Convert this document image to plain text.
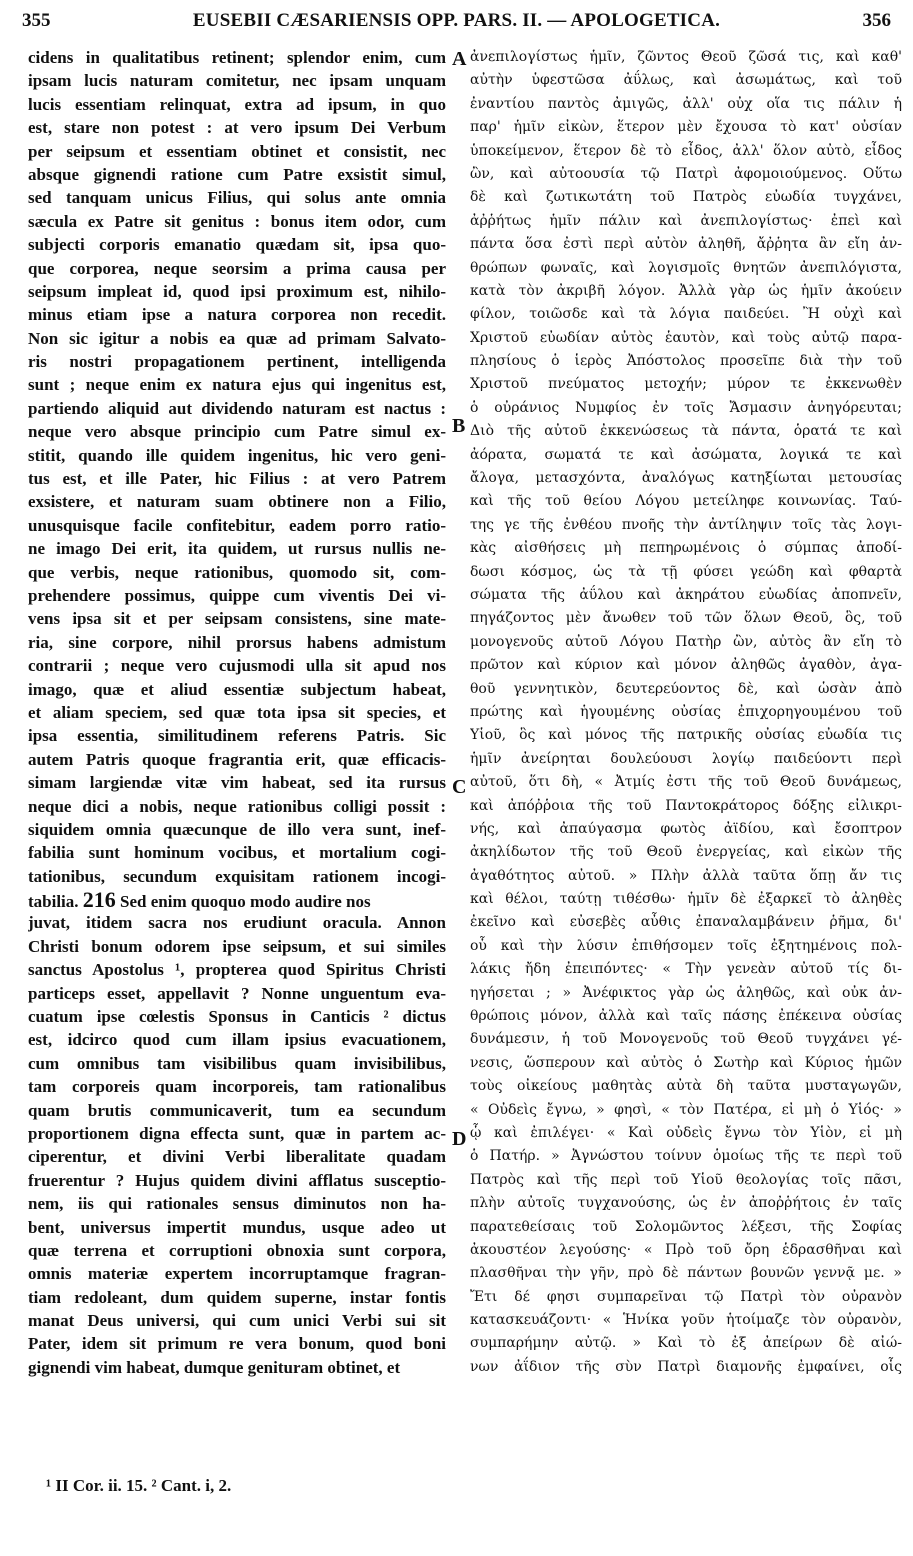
355	EUSEBII CÆSARIENSIS OPP. PARS. II. — APOLOGETICA.	356
cidens in qualitatibus retinent; splendor enim, cum
ipsam lucis naturam comitetur, nec ipsam unquam
lucis essentiam relinquat, extra ad ipsum, in quo
est, stare non potest : at vero ipsum Dei Verbum
per seipsum et essentiam obtinet et consistit, nec
absque gignendi ratione cum Patre exsistit simul,
sed tanquam unicus Filius, qui solus ante omnia
sæcula ex Patre sit genitus : bonus item odor, cum
subjecti corporis emanatio quædam sit, ipsa quo-
que corporea, neque seorsim a prima causa per
seipsum impleat id, quod ipsi proximum est, nihilo-
minus etiam ipse a natura corporea non recedit.
Non sic igitur a nobis ea quæ ad primam Salvato-
ris nostri propagationem pertinent, intelligenda
sunt ; neque enim ex natura ejus qui ingenitus est,
partiendo aliquid aut dividendo naturam est nactus :
neque vero absque principio cum Patre simul ex-
stitit, quando ille quidem ingenitus, hic vero geni-
tus est, et ille Pater, hic Filius : at vero Patrem
exsistere, et naturam suam obtinere non a Filio,
unusquisque facile confitebitur, eadem porro ratio-
ne imago Dei erit, ita quidem, ut rursus nullis ne-
que verbis, neque rationibus, quomodo sit, com-
prehendere possimus, quippe cum viventis Dei vi-
vens ipsa sit et per seipsam consistens, sine mate-
ria, sine corpore, nihil prorsus habens admistum
contrarii ; neque vero cujusmodi ulla sit apud nos
imago, quæ et aliud essentiæ subjectum habeat,
et aliam speciem, sed quæ tota ipsa sit species, et
ipsa essentia, similitudinem referens Patris. Sic
autem Patris quoque fragrantia erit, quæ efficacis-
simam largiendæ vitæ vim habeat, sed ita rursus
neque dici a nobis, neque rationibus colligi possit :
siquidem omnia quæcunque de illo vera sunt, inef-
fabilia sunt hominum vocibus, et mortalium cogi-
tationibus, secundum exquisitam rationem incogi-
tabilia. 216 Sed enim quoquo modo audire nos
juvat, itidem sacra nos erudiunt oracula. Annon
Christi bonum odorem ipse seipsum, et sui similes
sanctus Apostolus ¹, propterea quod Spiritus Christi
particeps esset, appellavit ? Nonne unguentum eva-
cuatum ipse cœlestis Sponsus in Canticis ² dictus
est, idcirco quod cum illam ipsius evacuationem,
cum omnibus tam visibilibus quam invisibilibus,
tam corporeis quam incorporeis, tam rationalibus
quam brutis communicaverit, tum ea secundum
proportionem digna effecta sunt, quæ in partem ac-
ciperentur, et divini Verbi liberalitate quadam
fruerentur ? Hujus quidem divini afflatus susceptio-
nem, iis qui rationales sensus diminutos non ha-
bent, universus impertit mundus, usque adeo ut
quæ terrena et corruptioni obnoxia sunt corpora,
omnis materiæ expertem incorruptamque fragran-
tiam redoleant, dum quidem superne, instar fontis
manat Deus universi, qui cum unici Verbi sui sit
Pater, idem sit primum re vera bonum, quod boni
gignendi vim habeat, dumque genituram obtinet, et
ἀνεπιλογίστως ἡμῖν, ζῶντος Θεοῦ ζῶσά τις, καὶ καθ'
αὐτὴν ὑφεστῶσα ἀΰλως, καὶ ἀσωμάτως, καὶ τοῦ
ἐναντίου παντὸς ἀμιγῶς, ἀλλ' οὐχ οἵα τις πάλιν ἡ
παρ' ἡμῖν εἰκὼν, ἕτερον μὲν ἔχουσα τὸ κατ' οὐσίαν
ὑποκείμενον, ἕτερον δὲ τὸ εἶδος, ἀλλ' ὅλον αὐτὸ, εἶδος
ὢν, καὶ αὐτοουσία τῷ Πατρὶ ἀφομοιούμενος. Οὕτω
δὲ καὶ ζωτικωτάτη τοῦ Πατρὸς εὐωδία τυγχάνει,
ἀῤῥήτως ἡμῖν πάλιν καὶ ἀνεπιλογίστως· ἐπεὶ καὶ
πάντα ὅσα ἐστὶ περὶ αὐτὸν ἀληθῆ, ἄῤῥητα ἂν εἴη ἀν-
θρώπων φωναῖς, καὶ λογισμοῖς θνητῶν ἀνεπιλόγιστα,
κατὰ τὸν ἀκριβῆ λόγον. Ἀλλὰ γὰρ ὡς ἡμῖν ἀκούειν
φίλον, τοιῶσδε καὶ τὰ λόγια παιδεύει. Ἢ οὐχὶ καὶ
Χριστοῦ εὐωδίαν αὐτὸς ἑαυτὸν, καὶ τοὺς αὐτῷ παρα-
πλησίους ὁ ἱερὸς Ἀπόστολος προσεῖπε διὰ τὴν τοῦ
Χριστοῦ πνεύματος μετοχήν; μύρον τε ἐκκενωθὲν
ὁ οὐράνιος Νυμφίος ἐν τοῖς Ἄσμασιν ἀνηγόρευται;
Διὸ τῆς αὐτοῦ ἐκκενώσεως τὰ πάντα, ὁρατά τε καὶ
ἀόρατα, σωματά τε καὶ ἀσώματα, λογικά τε καὶ
ἄλογα, μετασχόντα, ἀναλόγως κατηξίωται μετουσίας
καὶ τῆς τοῦ θείου Λόγου μετείληφε κοινωνίας. Ταύ-
της γε τῆς ἐνθέου πνοῆς τὴν ἀντίληψιν τοῖς τὰς λογι-
κὰς αἰσθήσεις μὴ πεπηρωμένοις ὁ σύμπας ἀποδί-
δωσι κόσμος, ὡς τὰ τῇ φύσει γεώδη καὶ φθαρτὰ
σώματα τῆς ἀΰλου καὶ ἀκηράτου εὐωδίας ἀποπνεῖν,
πηγάζοντος μὲν ἄνωθεν τοῦ τῶν ὅλων Θεοῦ, ὃς, τοῦ
μονογενοῦς αὐτοῦ Λόγου Πατὴρ ὢν, αὐτὸς ἂν εἴη τὸ
πρῶτον καὶ κύριον καὶ μόνον ἀληθῶς ἀγαθὸν, ἀγα-
θοῦ γεννητικὸν, δευτερεύοντος δὲ, καὶ ὡσὰν ἀπὸ
πρώτης καὶ ἡγουμένης οὐσίας ἐπιχορηγουμένου τοῦ
Υἱοῦ, ὃς καὶ μόνος τῆς πατρικῆς οὐσίας εὐωδία τις
ἡμῖν ἀνείρηται δουλεύουσι λογίῳ παιδεύοντι περὶ
αὐτοῦ, ὅτι δὴ, « Ἀτμίς ἐστι τῆς τοῦ Θεοῦ δυνάμεως,
καὶ ἀπόῤῥοια τῆς τοῦ Παντοκράτορος δόξης εἰλικρι-
νής, καὶ ἀπαύγασμα φωτὸς ἀϊδίου, καὶ ἔσοπτρον
ἀκηλίδωτον τῆς τοῦ Θεοῦ ἐνεργείας, καὶ εἰκὼν τῆς
ἀγαθότητος αὐτοῦ. » Πλὴν ἀλλὰ ταῦτα ὅπῃ ἄν τις
καὶ θέλοι, ταύτῃ τιθέσθω· ἡμῖν δὲ ἐξαρκεῖ τὸ ἀληθὲς
ἐκεῖνο καὶ εὐσεβὲς αὖθις ἐπαναλαμβάνειν ῥῆμα, δι'
οὗ καὶ τὴν λύσιν ἐπιθήσομεν τοῖς ἐξητημένοις πολ-
λάκις ἤδη ἐπειπόντες· « Τὴν γενεὰν αὐτοῦ τίς δι-
ηγήσεται ; » Ἀνέφικτος γὰρ ὡς ἀληθῶς, καὶ οὐκ ἀν-
θρώποις μόνον, ἀλλὰ καὶ ταῖς πάσης ἐπέκεινα οὐσίας
δυνάμεσιν, ἡ τοῦ Μονογενοῦς τοῦ Θεοῦ τυγχάνει γέ-
νεσις, ὥσπερουν καὶ αὐτὸς ὁ Σωτὴρ καὶ Κύριος ἡμῶν
τοὺς οἰκείους μαθητὰς αὐτὰ δὴ ταῦτα μυσταγωγῶν,
« Οὐδεὶς ἔγνω, » φησὶ, « τὸν Πατέρα, εἰ μὴ ὁ Υἱός· »
ᾧ καὶ ἐπιλέγει· « Καὶ οὐδεὶς ἔγνω τὸν Υἱὸν, εἰ μὴ
ὁ Πατήρ. » Ἀγνώστου τοίνυν ὁμοίως τῆς τε περὶ τοῦ
Πατρὸς καὶ τῆς περὶ τοῦ Υἱοῦ θεολογίας τοῖς πᾶσι,
πλὴν αὐτοῖς τυγχανούσης, ὡς ἐν ἀποῤῥήτοις ἐν ταῖς
παρατεθείσαις τοῦ Σολομῶντος λέξεσι, τῆς Σοφίας
ἀκουστέον λεγούσης· « Πρὸ τοῦ ὄρη ἑδρασθῆναι καὶ
πλασθῆναι τὴν γῆν, πρὸ δὲ πάντων βουνῶν γεννᾷ με. »
Ἔτι δέ φησι συμπαρεῖναι τῷ Πατρὶ τὸν οὐρανὸν
κατασκευάζοντι· « Ἡνίκα γοῦν ἡτοίμαζε τὸν οὐρανὸν,
συμπαρήμην αὐτῷ. » Καὶ τὸ ἐξ ἀπείρων δὲ αἰώ-
νων ἀΐδιον τῆς σὺν Πατρὶ διαμονῆς ἐμφαίνει, οἷς
A
B
C
D
¹ II Cor. ii. 15. ² Cant. i, 2.
